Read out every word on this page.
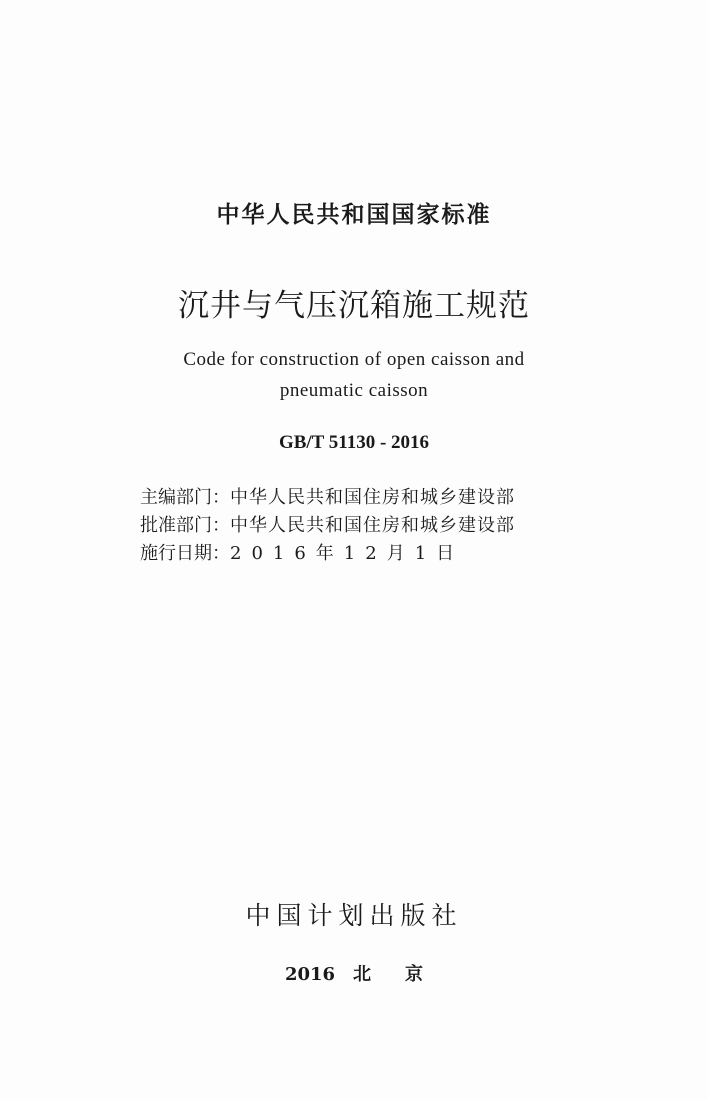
中华人民共和国国家标准
沉井与气压沉箱施工规范
Code for construction of open caisson and
pneumatic caisson
GB/T 51130 - 2016
主编部门：中华人民共和国住房和城乡建设部
批准部门：中华人民共和国住房和城乡建设部
施行日期：2016年12月1日
中国计划出版社
2016 北 京
